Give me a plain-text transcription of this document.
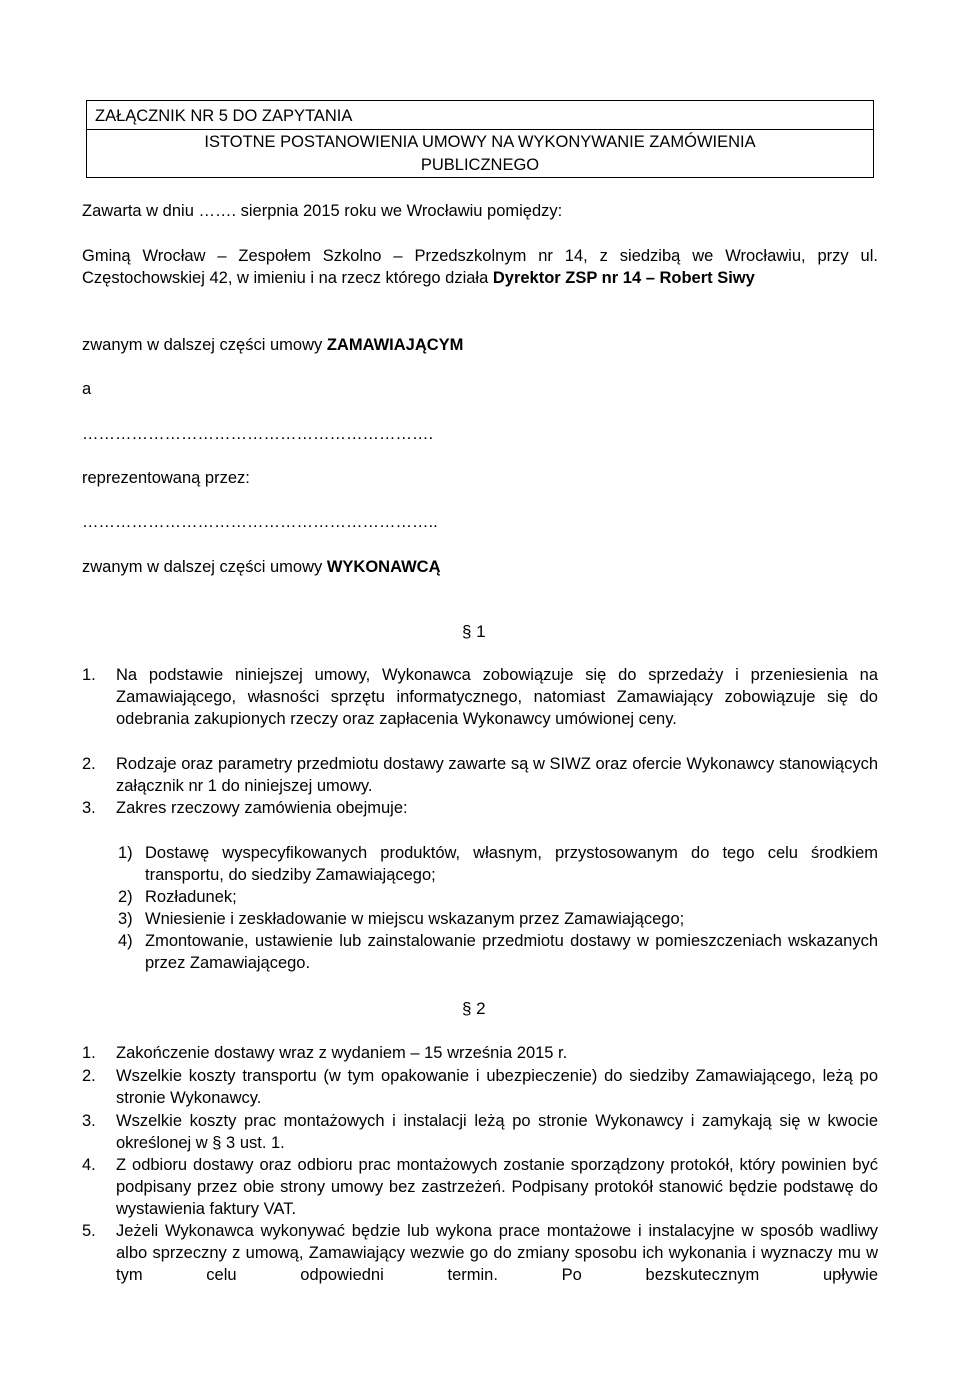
ZAŁĄCZNIK NR 5 DO ZAPYTANIA
ISTOTNE POSTANOWIENIA UMOWY NA WYKONYWANIE ZAMÓWIENIA
PUBLICZNEGO
Zawarta w dniu ……. sierpnia 2015 roku we Wrocławiu pomiędzy:
Gminą Wrocław – Zespołem Szkolno – Przedszkolnym nr 14, z siedzibą we Wrocławiu, przy ul. Częstochowskiej 42, w imieniu i na rzecz którego działa Dyrektor ZSP nr 14 – Robert Siwy
zwanym w dalszej części umowy ZAMAWIAJĄCYM
a
……………………………………………………….
reprezentowaną przez:
………………………………………………………..
zwanym w dalszej części umowy WYKONAWCĄ
§ 1
1. Na podstawie niniejszej umowy, Wykonawca zobowiązuje się do sprzedaży i przeniesienia na Zamawiającego, własności sprzętu informatycznego, natomiast Zamawiający zobowiązuje się do odebrania zakupionych rzeczy oraz zapłacenia Wykonawcy umówionej ceny.
2. Rodzaje oraz parametry przedmiotu dostawy zawarte są w SIWZ oraz ofercie Wykonawcy stanowiących załącznik nr 1 do niniejszej umowy.
3. Zakres rzeczowy zamówienia obejmuje:
1) Dostawę wyspecyfikowanych produktów, własnym, przystosowanym do tego celu środkiem transportu, do siedziby Zamawiającego;
2) Rozładunek;
3) Wniesienie i zeskładowanie w miejscu wskazanym przez Zamawiającego;
4) Zmontowanie, ustawienie lub zainstalowanie przedmiotu dostawy w pomieszczeniach wskazanych przez Zamawiającego.
§ 2
1. Zakończenie dostawy wraz z wydaniem – 15 września 2015 r.
2. Wszelkie koszty transportu (w tym opakowanie i ubezpieczenie) do siedziby Zamawiającego, leżą po stronie Wykonawcy.
3. Wszelkie koszty prac montażowych i instalacji leżą po stronie Wykonawcy i zamykają się w kwocie określonej w § 3 ust. 1.
4. Z odbioru dostawy oraz odbioru prac montażowych zostanie sporządzony protokół, który powinien być podpisany przez obie strony umowy bez zastrzeżeń. Podpisany protokół stanowić będzie podstawę do wystawienia faktury VAT.
5. Jeżeli Wykonawca wykonywać będzie lub wykona prace montażowe i instalacyjne w sposób wadliwy albo sprzeczny z umową, Zamawiający wezwie go do zmiany sposobu ich wykonania i wyznaczy mu w tym celu odpowiedni termin. Po bezskutecznym upływie
